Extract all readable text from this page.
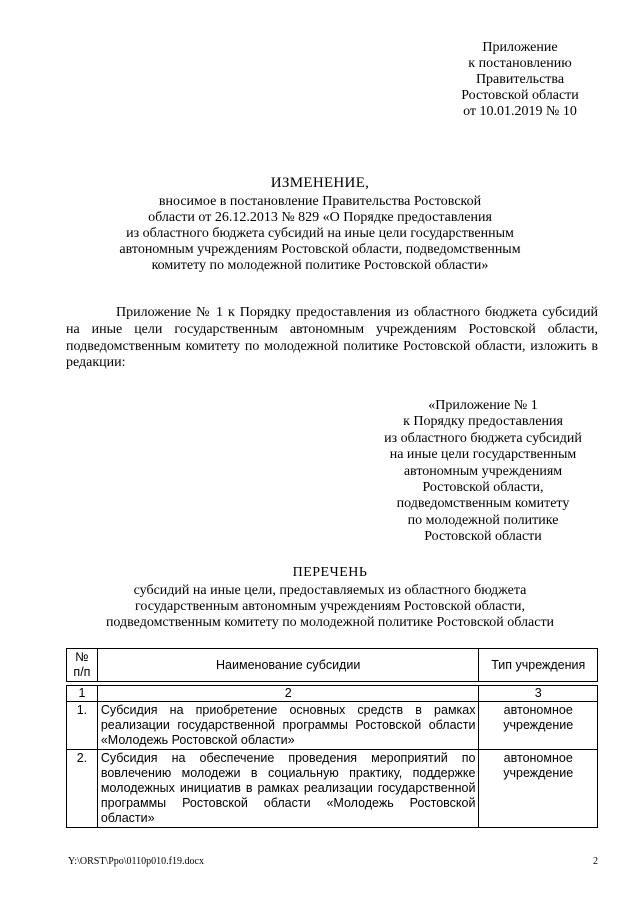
Приложение
к постановлению
Правительства
Ростовской области
от 10.01.2019 № 10
ИЗМЕНЕНИЕ,
вносимое в постановление Правительства Ростовской
области от 26.12.2013 № 829 «О Порядке предоставления
из областного бюджета субсидий на иные цели государственным
автономным учреждениям Ростовской области, подведомственным
комитету по молодежной политике Ростовской области»
Приложение № 1 к Порядку предоставления из областного бюджета субсидий на иные цели государственным автономным учреждениям Ростовской области, подведомственным комитету по молодежной политике Ростовской области, изложить в редакции:
«Приложение № 1
к Порядку предоставления
из областного бюджета субсидий
на иные цели государственным
автономным учреждениям
Ростовской области,
подведомственным комитету
по молодежной политике
Ростовской области
ПЕРЕЧЕНЬ
субсидий на иные цели, предоставляемых из областного бюджета
государственным автономным учреждениям Ростовской области,
подведомственным комитету по молодежной политике Ростовской области
№ п/п	Наименование субсидии	Тип учреждения

1	2	3
1.	Субсидия на приобретение основных средств в рамках реализации государственной программы Ростовской области «Молодежь Ростовской области»	автономное учреждение
2.	Субсидия на обеспечение проведения мероприятий по вовлечению молодежи в социальную практику, поддержке молодежных инициатив в рамках реализации государственной программы Ростовской области «Молодежь Ростовской области»	автономное учреждение
Y:\ORST\Ppo\0110p010.f19.docx	2
